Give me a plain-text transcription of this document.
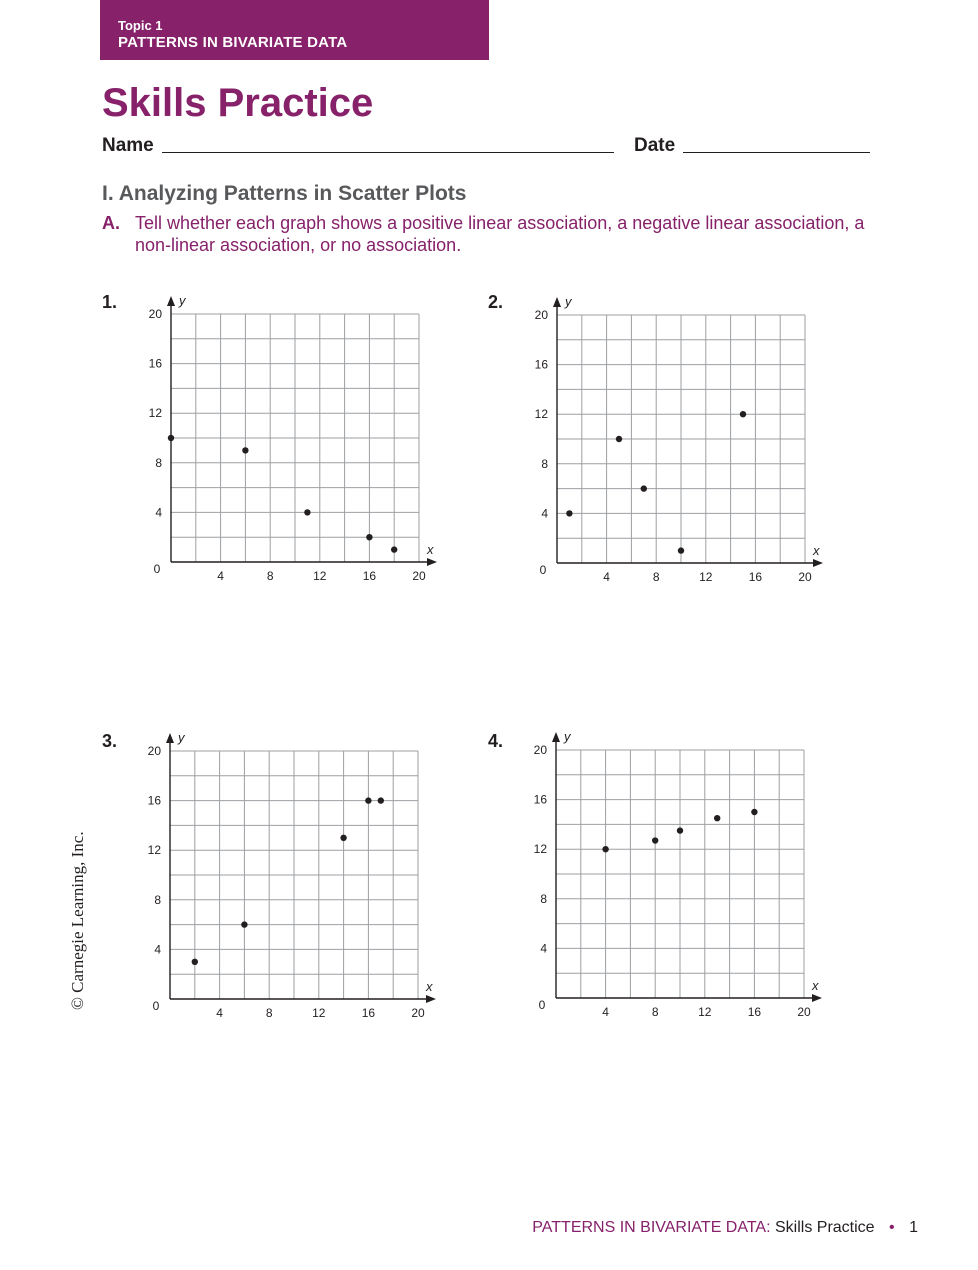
Topic 1
PATTERNS IN BIVARIATE DATA
Skills Practice
Name	Date
I. Analyzing Patterns in Scatter Plots
A. Tell whether each graph shows a positive linear association, a negative linear association, a non-linear association, or no association.
1.	2.
3.	4.
y
x
0	4	8	12	16	20
4
8
12
16
20
y
x
0	4	8	12	16	20
4
8
12
16
20
y
x
0	4	8	12	16	20
4
8
12
16
20
y
x
0	4	8	12	16	20
4
8
12
16
20
© Carnegie Learning, Inc.
PATTERNS IN BIVARIATE DATA: Skills Practice • 1
